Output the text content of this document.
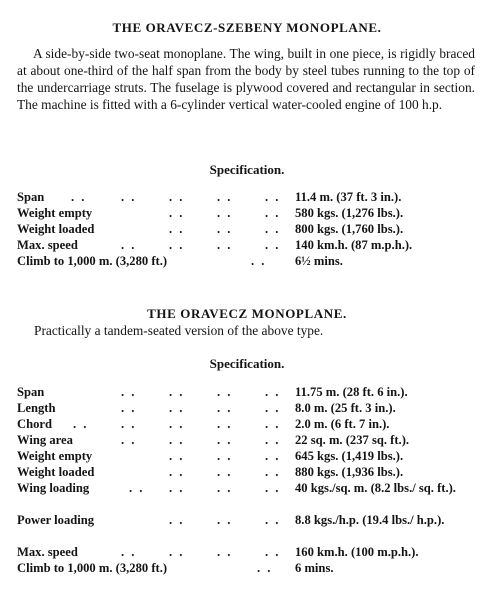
THE ORAVECZ-SZEBENY MONOPLANE.

A side-by-side two-seat monoplane. The wing, built in one piece, is rigidly braced at about one-third of the half span from the body by steel tubes running to the top of the undercarriage struts. The fuselage is plywood covered and rectangular in section. The machine is fitted with a 6-cylinder vertical water-cooled engine of 100 h.p.

Specification.
Span . .	. .	. .	. .	. . 11.4 m. (37 ft. 3 in.).
Weight empty	. .	. .	. . 580 kgs. (1,276 lbs.).
Weight loaded	. .	. .	. . 800 kgs. (1,760 lbs.).
Max. speed	. .	. .	. .	. . 140 km.h. (87 m.p.h.).
Climb to 1,000 m. (3,280 ft.)	. . 6½ mins.
THE ORAVECZ MONOPLANE.
Practically a tandem-seated version of the above type.
Specification.
Span	. .	. .	. .	. . 11.75 m. (28 ft. 6 in.).
Length	. .	. .	. .	. . 8.0 m. (25 ft. 3 in.).
Chord . .	. .	. .	. .	. . 2.0 m. (6 ft. 7 in.).
Wing area	. .	. .	. .	. . 22 sq. m. (237 sq. ft.).
Weight empty	. .	. .	. . 645 kgs. (1,419 lbs.).
Weight loaded	. .	. .	. . 880 kgs. (1,936 lbs.).
Wing loading	. . . .	. .	. . 40 kgs./sq. m. (8.2 lbs./ sq. ft.).
Power loading	. .	. .	. . 8.8 kgs./h.p. (19.4 lbs./ h.p.).
Max. speed	. .	. .	. .	. . 160 km.h. (100 m.p.h.).
Climb to 1,000 m. (3,280 ft.)	. . 6 mins.
